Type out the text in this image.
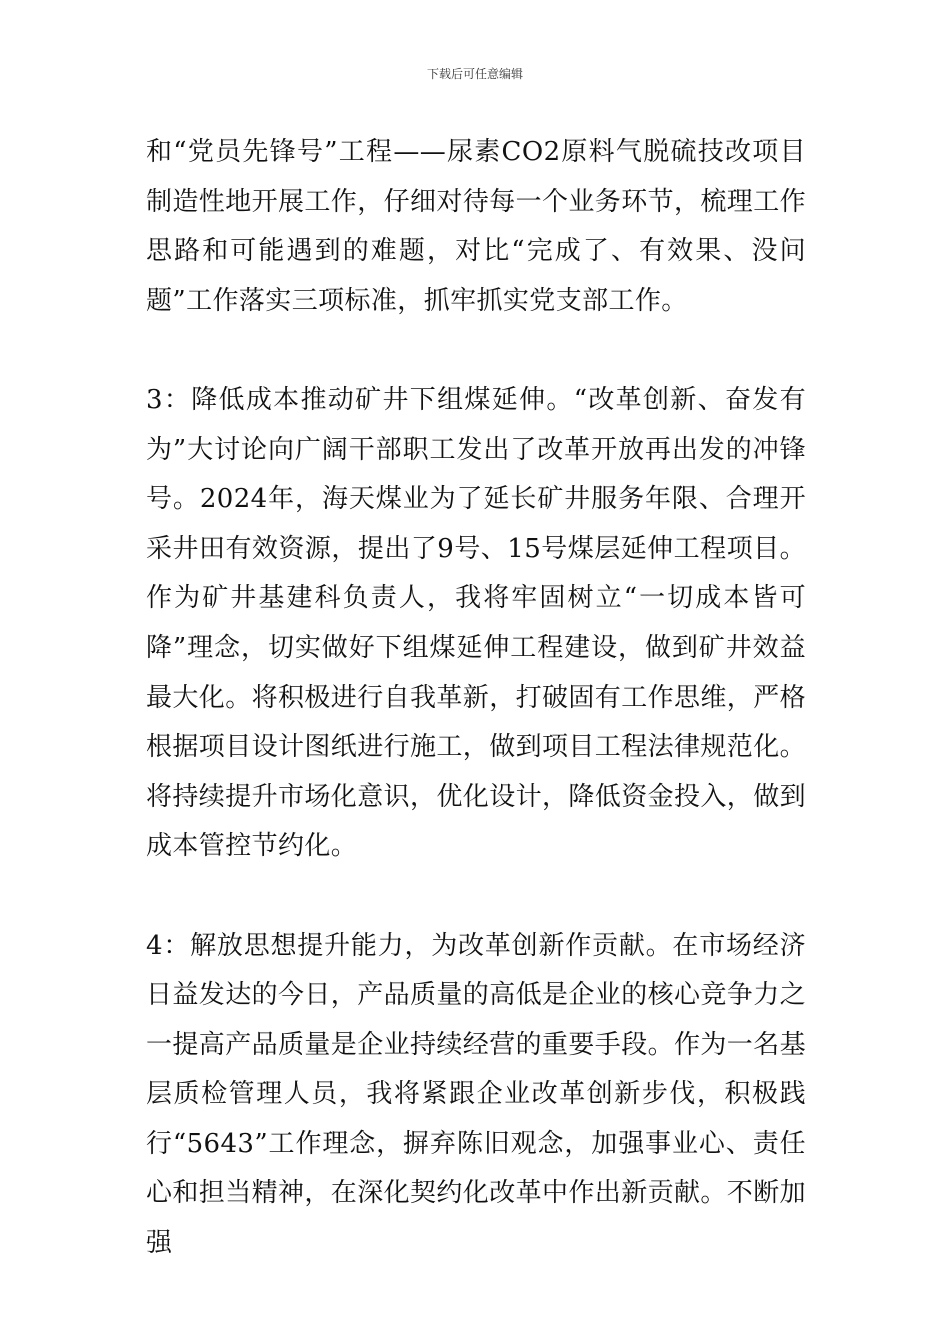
下载后可任意编辑

和“党员先锋号”工程——尿素CO2原料气脱硫技改项目制造性地开展工作，仔细对待每一个业务环节，梳理工作思路和可能遇到的难题，对比“完成了、有效果、没问题”工作落实三项标准，抓牢抓实党支部工作。

3：降低成本推动矿井下组煤延伸。“改革创新、奋发有为”大讨论向广阔干部职工发出了改革开放再出发的冲锋号。2024年，海天煤业为了延长矿井服务年限、合理开采井田有效资源，提出了9号、15号煤层延伸工程项目。作为矿井基建科负责人，我将牢固树立“一切成本皆可降”理念，切实做好下组煤延伸工程建设，做到矿井效益最大化。将积极进行自我革新，打破固有工作思维，严格根据项目设计图纸进行施工，做到项目工程法律规范化。将持续提升市场化意识，优化设计，降低资金投入，做到成本管控节约化。

4：解放思想提升能力，为改革创新作贡献。在市场经济日益发达的今日，产品质量的高低是企业的核心竞争力之一提高产品质量是企业持续经营的重要手段。作为一名基层质检管理人员，我将紧跟企业改革创新步伐，积极践行“5643”工作理念，摒弃陈旧观念，加强事业心、责任心和担当精神，在深化契约化改革中作出新贡献。不断加强
